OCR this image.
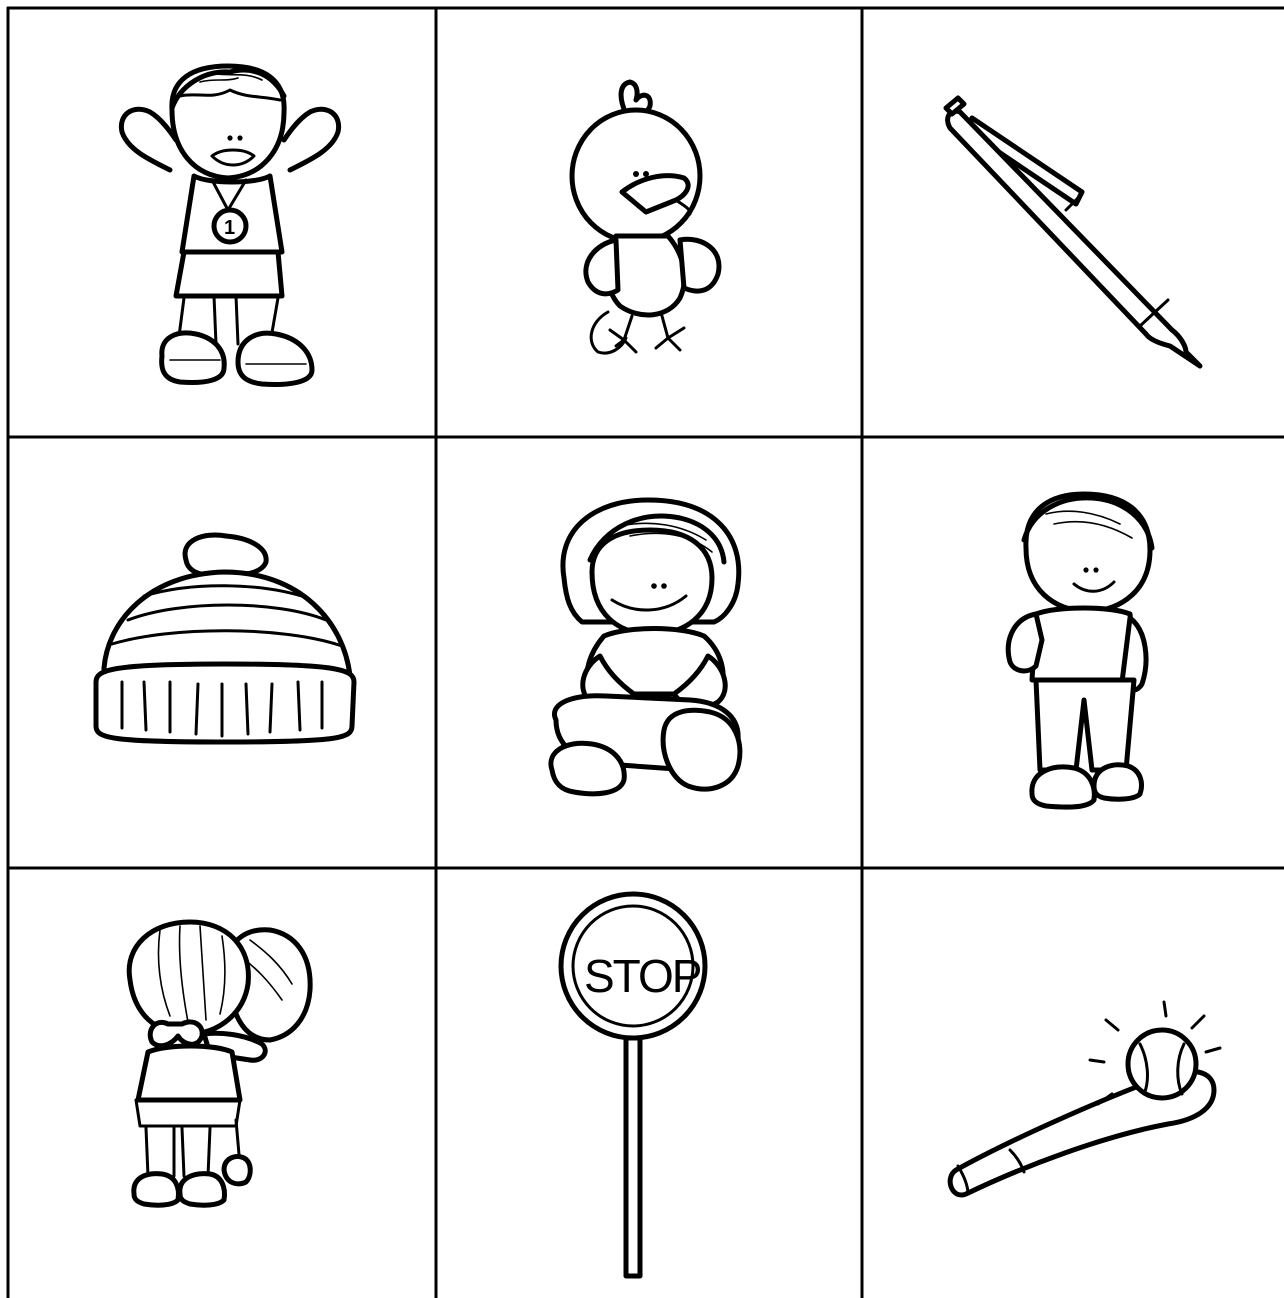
1
STOP
